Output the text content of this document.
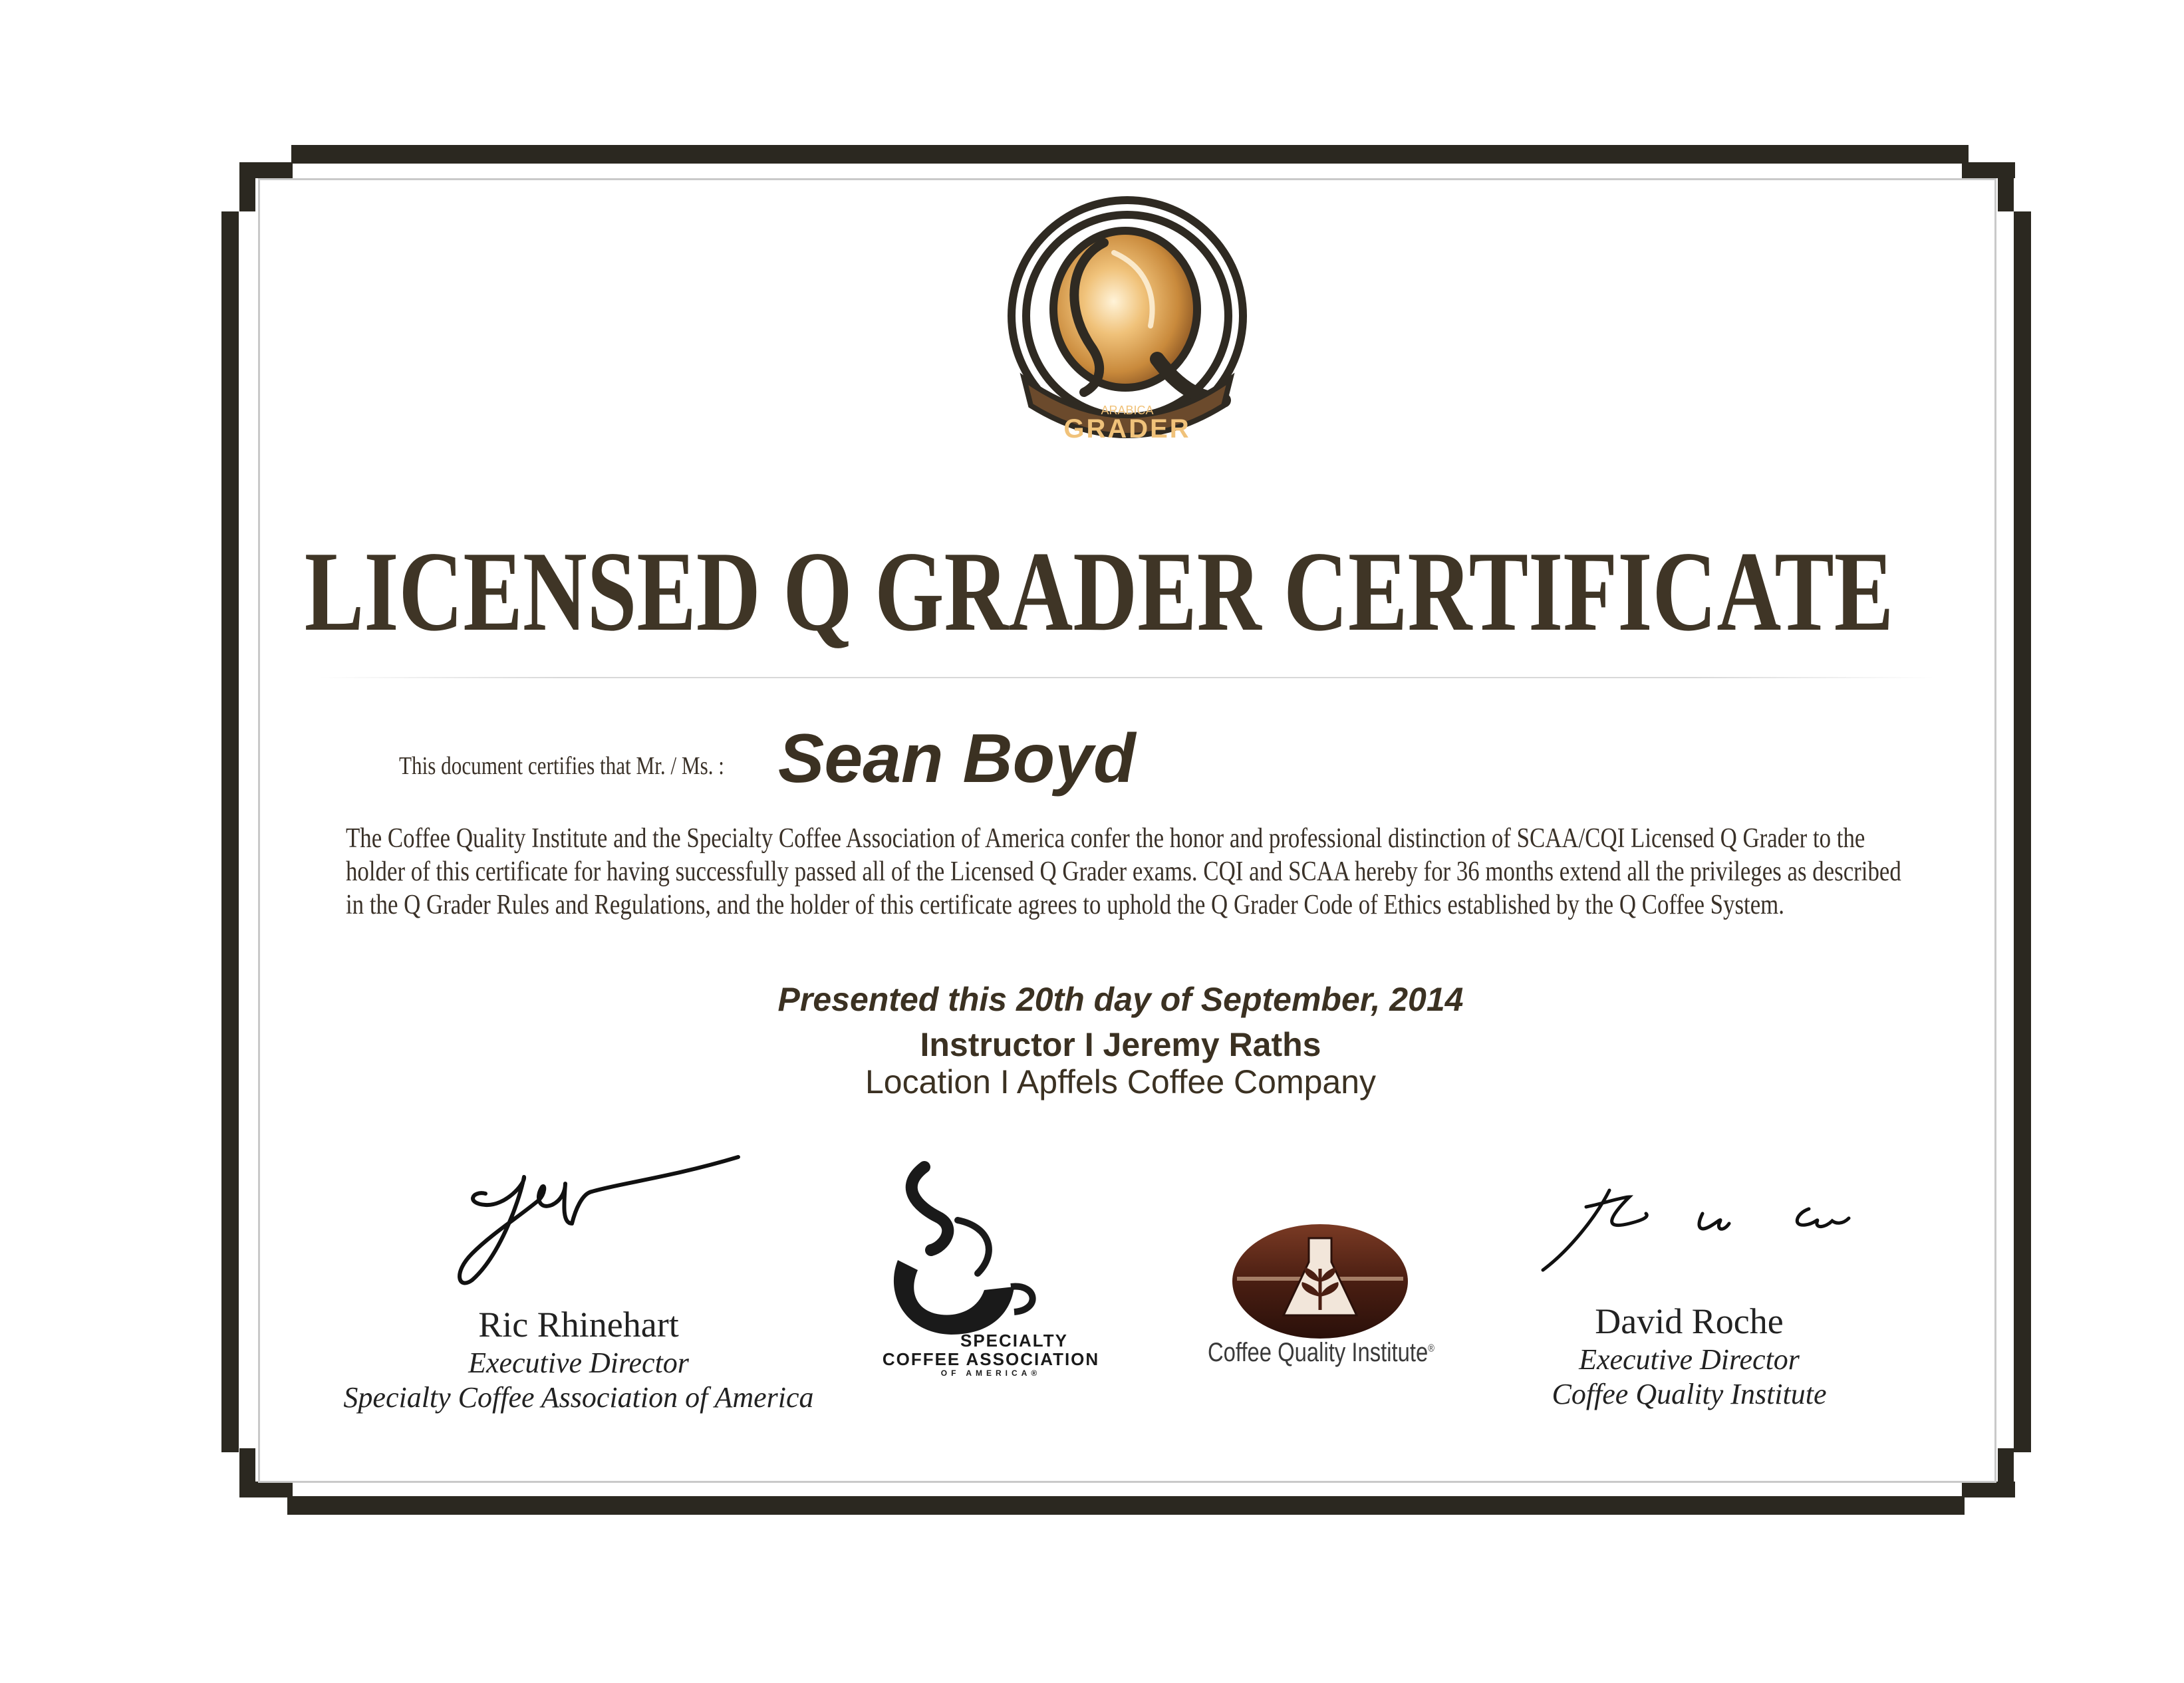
ARABICA
GRADER
LICENSED Q GRADER CERTIFICATE
This document certifies that Mr. / Ms. : Sean Boyd
The Coffee Quality Institute and the Specialty Coffee Association of America confer the honor and professional distinction of SCAA/CQI Licensed Q Grader to the
holder of this certificate for having successfully passed all of the Licensed Q Grader exams. CQI and SCAA hereby for 36 months extend all the privileges as described
in the Q Grader Rules and Regulations, and the holder of this certificate agrees to uphold the Q Grader Code of Ethics established by the Q Coffee System.
Presented this 20th day of September, 2014
Instructor I Jeremy Raths
Location I Apffels Coffee Company
Ric Rhinehart
Executive Director
Specialty Coffee Association of America
SPECIALTY
COFFEE ASSOCIATION
OF AMERICA®
Coffee Quality Institute®
David Roche
Executive Director
Coffee Quality Institute
